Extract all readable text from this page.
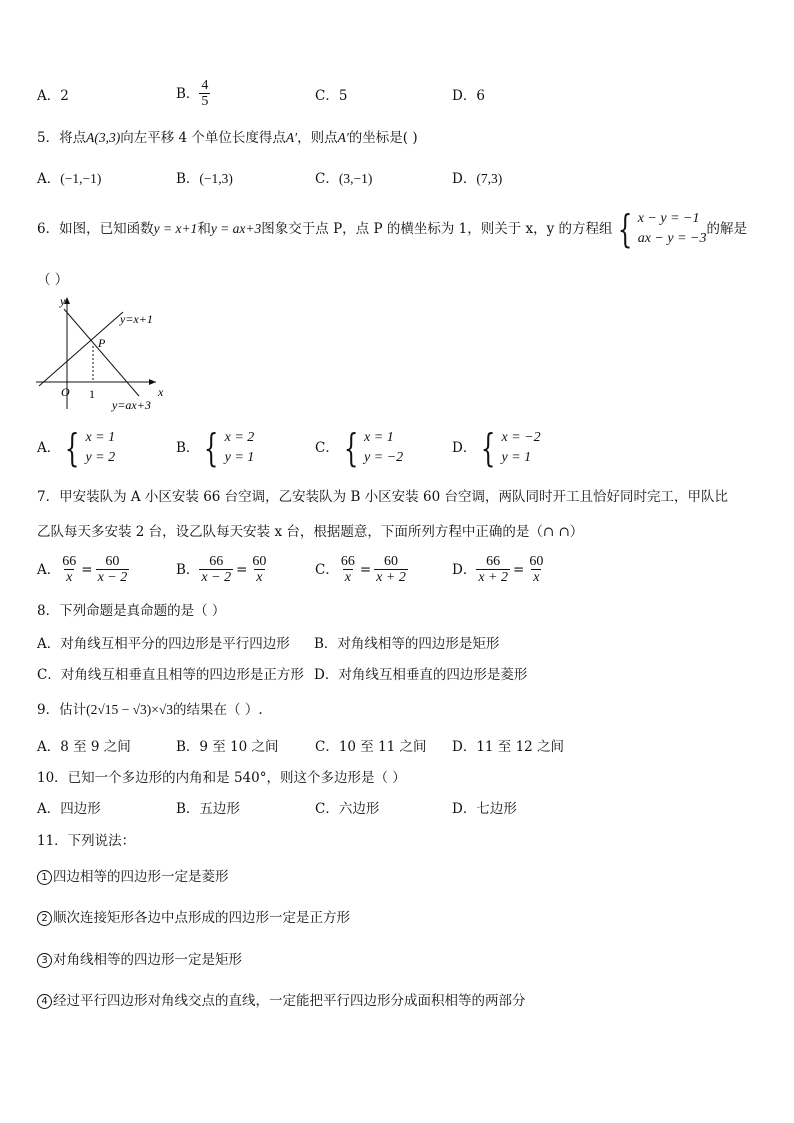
A．2	B． $\frac{4}{5}$	C．5	D．6
5．将点A(3,3)向左平移 4 个单位长度得点A′，则点A′的坐标是( )
A．(−1,−1)	B．(−1,3)	C．(3,−1)	D．(7,3)
6．如图，已知函数y = x+1和y = ax+3图象交于点 P，点 P 的横坐标为 1，则关于 x，y 的方程组 { x − y = −1
ax − y = −3
的解是
（ ）
y
x
O 1
P
y=x+1
y=ax+3
A． { x = 1
y = 2
B． { x = 2
y = 1
C． { x = 1
y = −2
D． { x = −2
y = 1
7．甲安装队为 A 小区安装 66 台空调，乙安装队为 B 小区安装 60 台空调，两队同时开工且恰好同时完工，甲队比
乙队每天多安装 2 台，设乙队每天安装 x 台，根据题意，下面所列方程中正确的是（∩ ∩）
A． $\frac{66}{x} = \frac{60}{x - 2}$	B． $\frac{66}{x - 2} = \frac{60}{x}$	C． $\frac{66}{x} = \frac{60}{x + 2}$	D． $\frac{66}{x + 2} = \frac{60}{x}$
8．下列命题是真命题的是（ ）
A．对角线互相平分的四边形是平行四边形 B．对角线相等的四边形是矩形
C．对角线互相垂直且相等的四边形是正方形 D．对角线互相垂直的四边形是菱形
9．估计(2√15 − √3)×√3的结果在（ ）.
A．8 至 9 之间	B．9 至 10 之间	C．10 至 11 之间 D．11 至 12 之间
10．已知一个多边形的内角和是 540°，则这个多边形是（ ）
A．四边形	B．五边形	C．六边形	D．七边形
11．下列说法：
1 四边相等的四边形一定是菱形
2 顺次连接矩形各边中点形成的四边形一定是正方形
3 对角线相等的四边形一定是矩形
4 经过平行四边形对角线交点的直线，一定能把平行四边形分成面积相等的两部分
